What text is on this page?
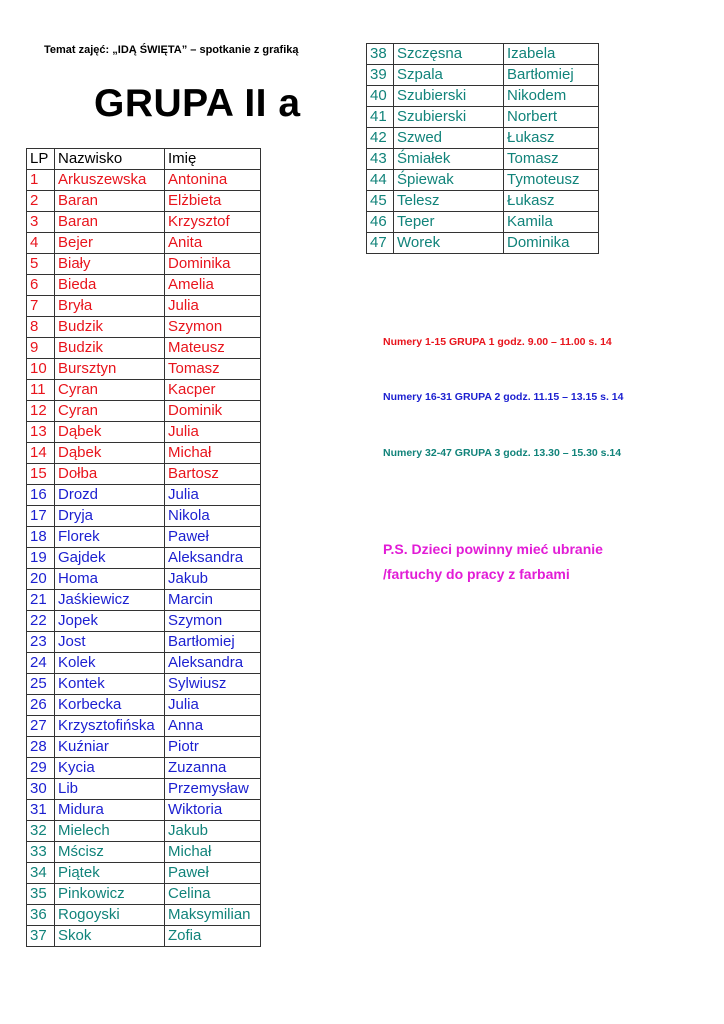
Temat zajęć: „IDĄ ŚWIĘTA” – spotkanie z grafiką
GRUPA II a
LP	Nazwisko	Imię
1	Arkuszewska	Antonina
2	Baran	Elżbieta
3	Baran	Krzysztof
4	Bejer	Anita
5	Biały	Dominika
6	Bieda	Amelia
7	Bryła	Julia
8	Budzik	Szymon
9	Budzik	Mateusz
10	Bursztyn	Tomasz
11	Cyran	Kacper
12	Cyran	Dominik
13	Dąbek	Julia
14	Dąbek	Michał
15	Dołba	Bartosz
16	Drozd	Julia
17	Dryja	Nikola
18	Florek	Paweł
19	Gajdek	Aleksandra
20	Homa	Jakub
21	Jaśkiewicz	Marcin
22	Jopek	Szymon
23	Jost	Bartłomiej
24	Kolek	Aleksandra
25	Kontek	Sylwiusz
26	Korbecka	Julia
27	Krzysztofińska	Anna
28	Kuźniar	Piotr
29	Kycia	Zuzanna
30	Lib	Przemysław
31	Midura	Wiktoria
32	Mielech	Jakub
33	Mścisz	Michał
34	Piątek	Paweł
35	Pinkowicz	Celina
36	Rogoyski	Maksymilian
37	Skok	Zofia
38	Szczęsna	Izabela
39	Szpala	Bartłomiej
40	Szubierski	Nikodem
41	Szubierski	Norbert
42	Szwed	Łukasz
43	Śmiałek	Tomasz
44	Śpiewak	Tymoteusz
45	Telesz	Łukasz
46	Teper	Kamila
47	Worek	Dominika
Numery 1-15 GRUPA 1 godz. 9.00 – 11.00 s. 14
Numery 16-31 GRUPA 2 godz. 11.15 – 13.15 s. 14
Numery 32-47 GRUPA 3 godz. 13.30 – 15.30 s.14
P.S. Dzieci powinny mieć ubranie
/fartuchy do pracy z farbami
